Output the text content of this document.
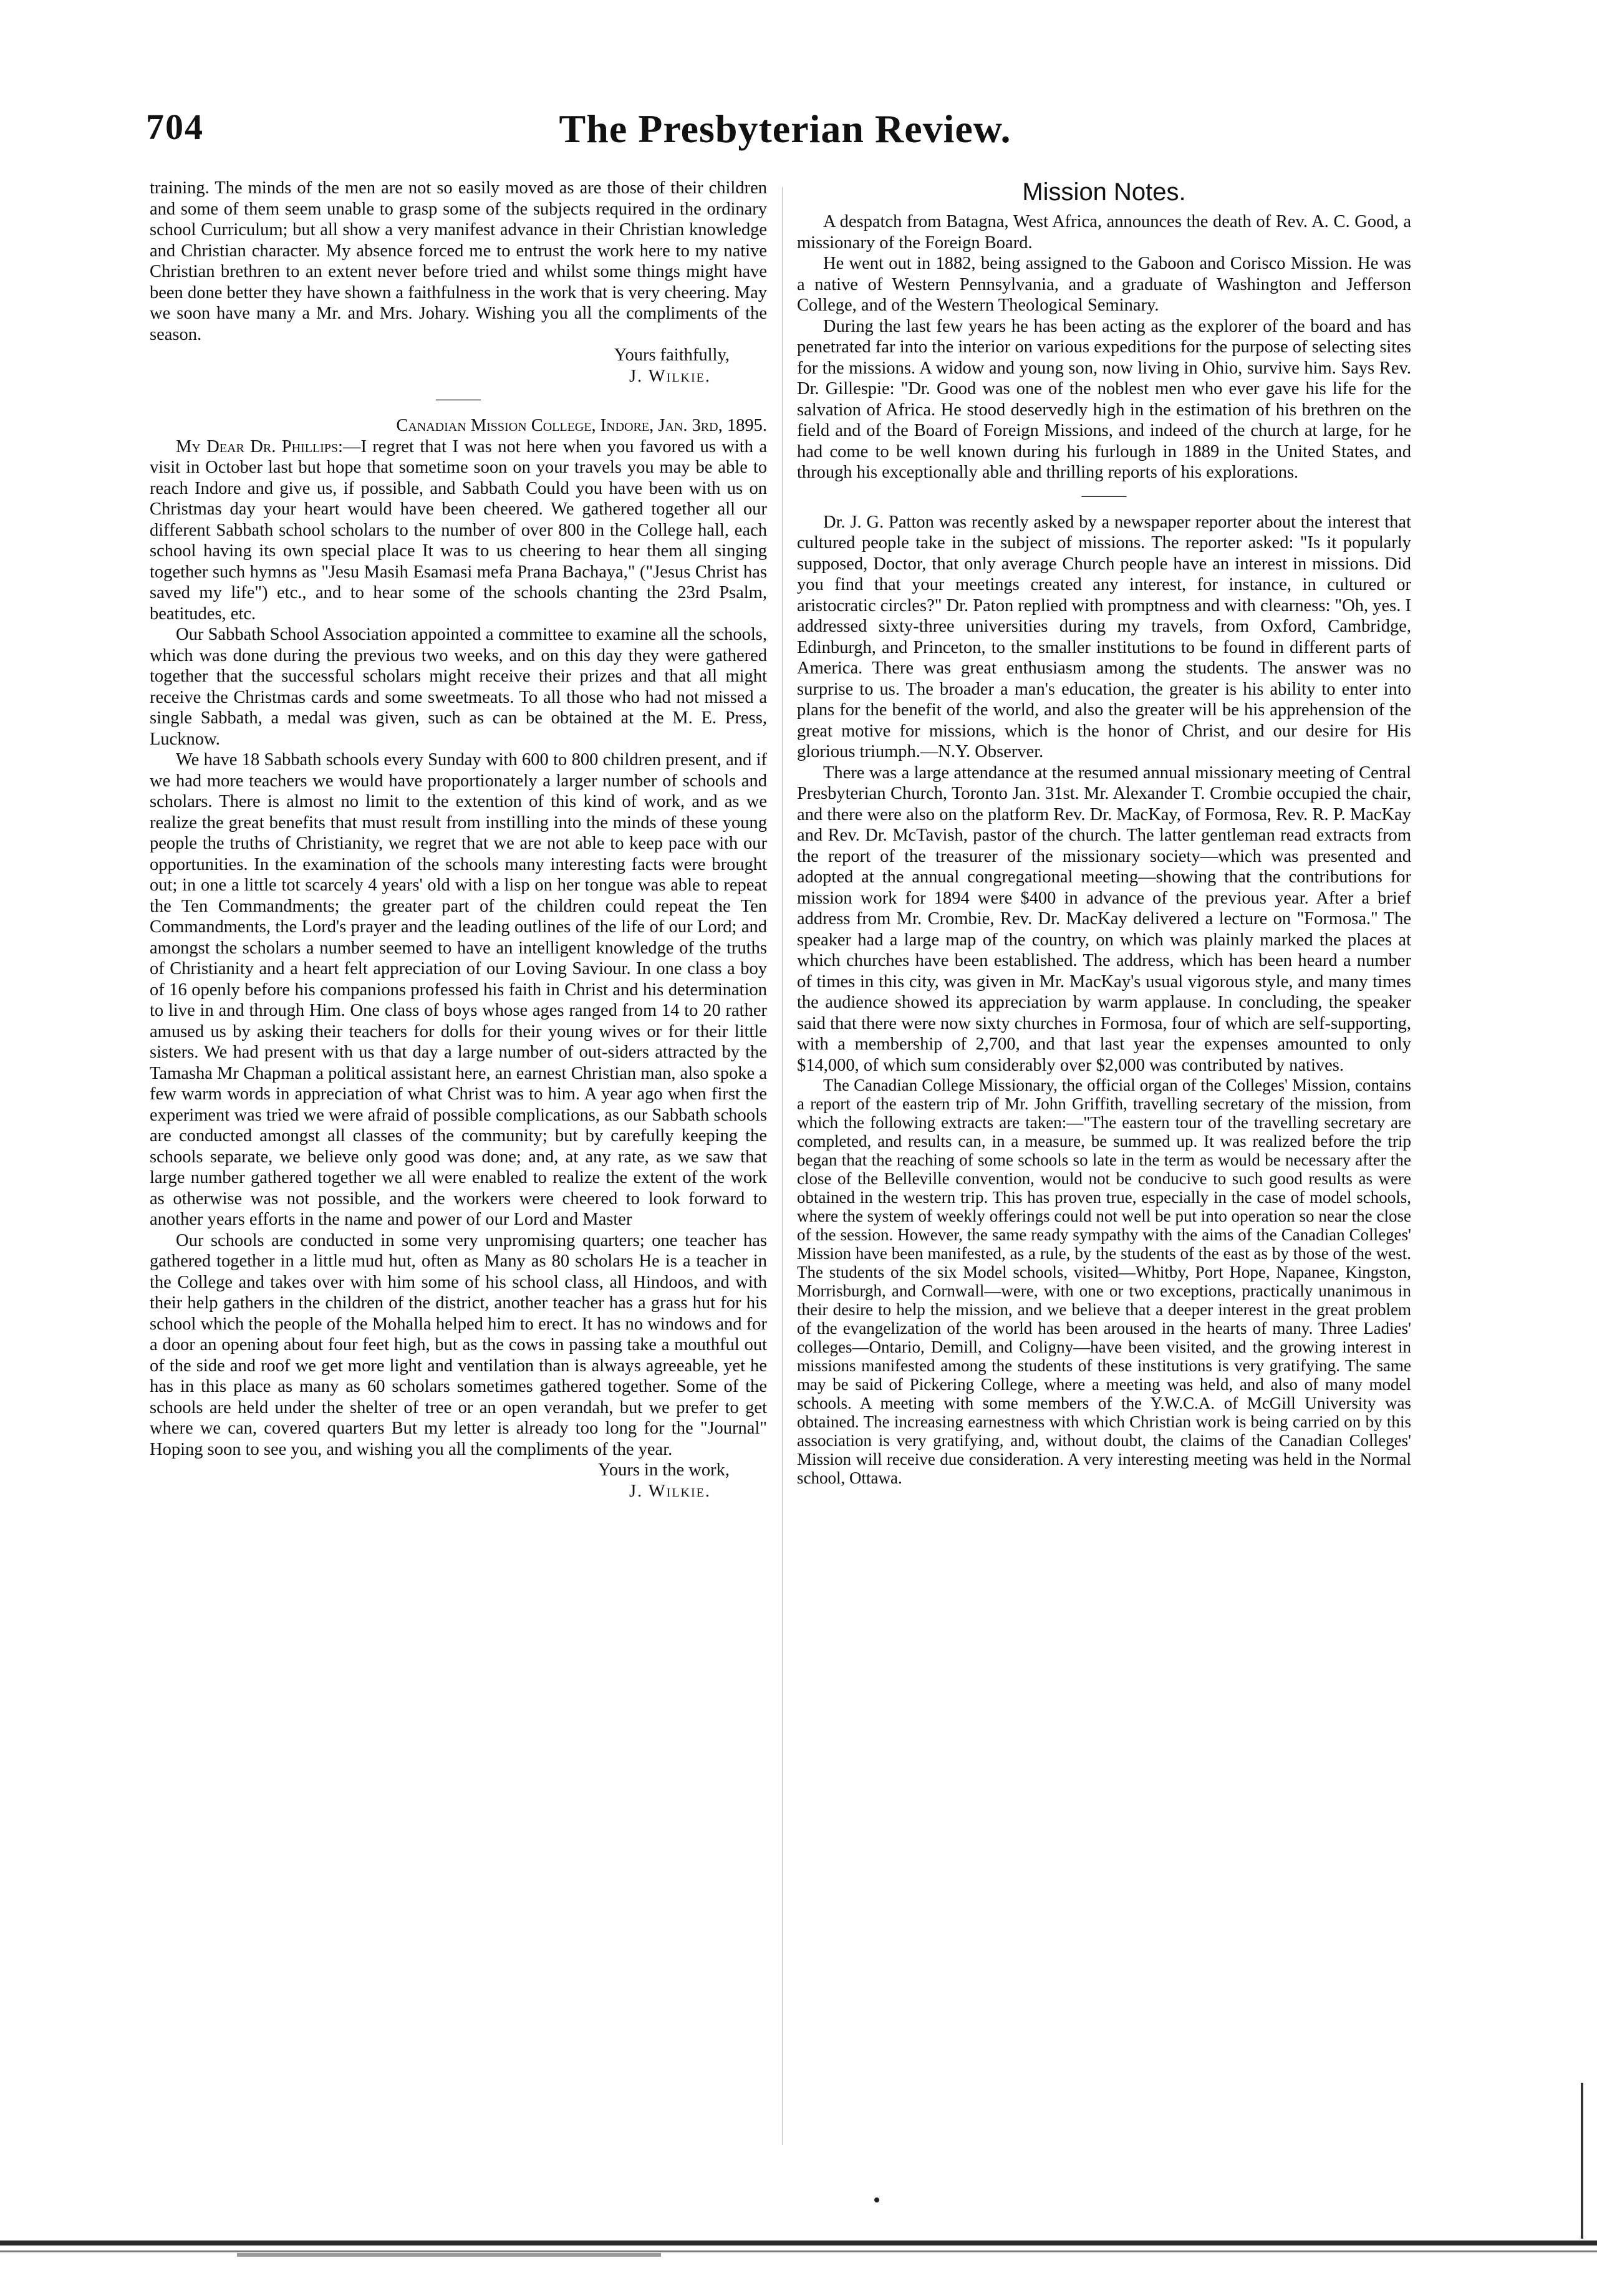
704	The Presbyterian Review.

training. The minds of the men are not so easily moved as are those of their children and some of them seem unable to grasp some of the subjects required in the ordinary school Curriculum; but all show a very manifest advance in their Christian knowledge and Christian character. My absence forced me to entrust the work here to my native Christian brethren to an extent never before tried and whilst some things might have been done better they have shown a faithfulness in the work that is very cheering. May we soon have many a Mr. and Mrs. Johary. Wishing you all the compliments of the season.

Yours faithfully,
J. Wilkie.
———
Canadian Mission College, Indore, Jan. 3rd, 1895.

My Dear Dr. Phillips:—I regret that I was not here when you favored us with a visit in October last but hope that sometime soon on your travels you may be able to reach Indore and give us, if possible, and Sabbath Could you have been with us on Christmas day your heart would have been cheered. We gathered together all our different Sabbath school scholars to the number of over 800 in the College hall, each school having its own special place It was to us cheering to hear them all singing together such hymns as "Jesu Masih Esamasi mefa Prana Bachaya," ("Jesus Christ has saved my life") etc., and to hear some of the schools chanting the 23rd Psalm, beatitudes, etc.

Our Sabbath School Association appointed a committee to examine all the schools, which was done during the previous two weeks, and on this day they were gathered together that the successful scholars might receive their prizes and that all might receive the Christmas cards and some sweetmeats. To all those who had not missed a single Sabbath, a medal was given, such as can be obtained at the M. E. Press, Lucknow.

We have 18 Sabbath schools every Sunday with 600 to 800 children present, and if we had more teachers we would have proportionately a larger number of schools and scholars. There is almost no limit to the extention of this kind of work, and as we realize the great benefits that must result from instilling into the minds of these young people the truths of Christianity, we regret that we are not able to keep pace with our opportunities. In the examination of the schools many interesting facts were brought out; in one a little tot scarcely 4 years' old with a lisp on her tongue was able to repeat the Ten Commandments; the greater part of the children could repeat the Ten Commandments, the Lord's prayer and the leading outlines of the life of our Lord; and amongst the scholars a number seemed to have an intelligent knowledge of the truths of Christianity and a heart felt appreciation of our Loving Saviour. In one class a boy of 16 openly before his companions professed his faith in Christ and his determination to live in and through Him. One class of boys whose ages ranged from 14 to 20 rather amused us by asking their teachers for dolls for their young wives or for their little sisters. We had present with us that day a large number of out-siders attracted by the Tamasha Mr Chapman a political assistant here, an earnest Christian man, also spoke a few warm words in appreciation of what Christ was to him. A year ago when first the experiment was tried we were afraid of possible complications, as our Sabbath schools are conducted amongst all classes of the community; but by carefully keeping the schools separate, we believe only good was done; and, at any rate, as we saw that large number gathered together we all were enabled to realize the extent of the work as otherwise was not possible, and the workers were cheered to look forward to another years efforts in the name and power of our Lord and Master

Our schools are conducted in some very unpromising quarters; one teacher has gathered together in a little mud hut, often as Many as 80 scholars He is a teacher in the College and takes over with him some of his school class, all Hindoos, and with their help gathers in the children of the district, another teacher has a grass hut for his school which the people of the Mohalla helped him to erect. It has no windows and for a door an opening about four feet high, but as the cows in passing take a mouthful out of the side and roof we get more light and ventilation than is always agreeable, yet he has in this place as many as 60 scholars sometimes gathered together. Some of the schools are held under the shelter of tree or an open verandah, but we prefer to get where we can, covered quarters But my letter is already too long for the "Journal" Hoping soon to see you, and wishing you all the compliments of the year.

Yours in the work,
J. Wilkie.
Mission Notes.

A despatch from Batagna, West Africa, announces the death of Rev. A. C. Good, a missionary of the Foreign Board.

He went out in 1882, being assigned to the Gaboon and Corisco Mission. He was a native of Western Pennsylvania, and a graduate of Washington and Jefferson College, and of the Western Theological Seminary.

During the last few years he has been acting as the explorer of the board and has penetrated far into the interior on various expeditions for the purpose of selecting sites for the missions. A widow and young son, now living in Ohio, survive him. Says Rev. Dr. Gillespie: "Dr. Good was one of the noblest men who ever gave his life for the salvation of Africa. He stood deservedly high in the estimation of his brethren on the field and of the Board of Foreign Missions, and indeed of the church at large, for he had come to be well known during his furlough in 1889 in the United States, and through his exceptionally able and thrilling reports of his explorations.

———

Dr. J. G. Patton was recently asked by a newspaper reporter about the interest that cultured people take in the subject of missions. The reporter asked: "Is it popularly supposed, Doctor, that only average Church people have an interest in missions. Did you find that your meetings created any interest, for instance, in cultured or aristocratic circles?" Dr. Paton replied with promptness and with clearness: "Oh, yes. I addressed sixty-three universities during my travels, from Oxford, Cambridge, Edinburgh, and Princeton, to the smaller institutions to be found in different parts of America. There was great enthusiasm among the students. The answer was no surprise to us. The broader a man's education, the greater is his ability to enter into plans for the benefit of the world, and also the greater will be his apprehension of the great motive for missions, which is the honor of Christ, and our desire for His glorious triumph.—N.Y. Observer.

There was a large attendance at the resumed annual missionary meeting of Central Presbyterian Church, Toronto Jan. 31st. Mr. Alexander T. Crombie occupied the chair, and there were also on the platform Rev. Dr. MacKay, of Formosa, Rev. R. P. MacKay and Rev. Dr. McTavish, pastor of the church. The latter gentleman read extracts from the report of the treasurer of the missionary society—which was presented and adopted at the annual congregational meeting—showing that the contributions for mission work for 1894 were $400 in advance of the previous year. After a brief address from Mr. Crombie, Rev. Dr. MacKay delivered a lecture on "Formosa." The speaker had a large map of the country, on which was plainly marked the places at which churches have been established. The address, which has been heard a number of times in this city, was given in Mr. MacKay's usual vigorous style, and many times the audience showed its appreciation by warm applause. In concluding, the speaker said that there were now sixty churches in Formosa, four of which are self-supporting, with a membership of 2,700, and that last year the expenses amounted to only $14,000, of which sum considerably over $2,000 was contributed by natives.

The Canadian College Missionary, the official organ of the Colleges' Mission, contains a report of the eastern trip of Mr. John Griffith, travelling secretary of the mission, from which the following extracts are taken:—"The eastern tour of the travelling secretary are completed, and results can, in a measure, be summed up. It was realized before the trip began that the reaching of some schools so late in the term as would be necessary after the close of the Belleville convention, would not be conducive to such good results as were obtained in the western trip. This has proven true, especially in the case of model schools, where the system of weekly offerings could not well be put into operation so near the close of the session. However, the same ready sympathy with the aims of the Canadian Colleges' Mission have been manifested, as a rule, by the students of the east as by those of the west. The students of the six Model schools, visited—Whitby, Port Hope, Napanee, Kingston, Morrisburgh, and Cornwall—were, with one or two exceptions, practically unanimous in their desire to help the mission, and we believe that a deeper interest in the great problem of the evangelization of the world has been aroused in the hearts of many. Three Ladies' colleges—Ontario, Demill, and Coligny—have been visited, and the growing interest in missions manifested among the students of these institutions is very gratifying. The same may be said of Pickering College, where a meeting was held, and also of many model schools. A meeting with some members of the Y.W.C.A. of McGill University was obtained. The increasing earnestness with which Christian work is being carried on by this association is very gratifying, and, without doubt, the claims of the Canadian Colleges' Mission will receive due consideration. A very interesting meeting was held in the Normal school, Ottawa.
